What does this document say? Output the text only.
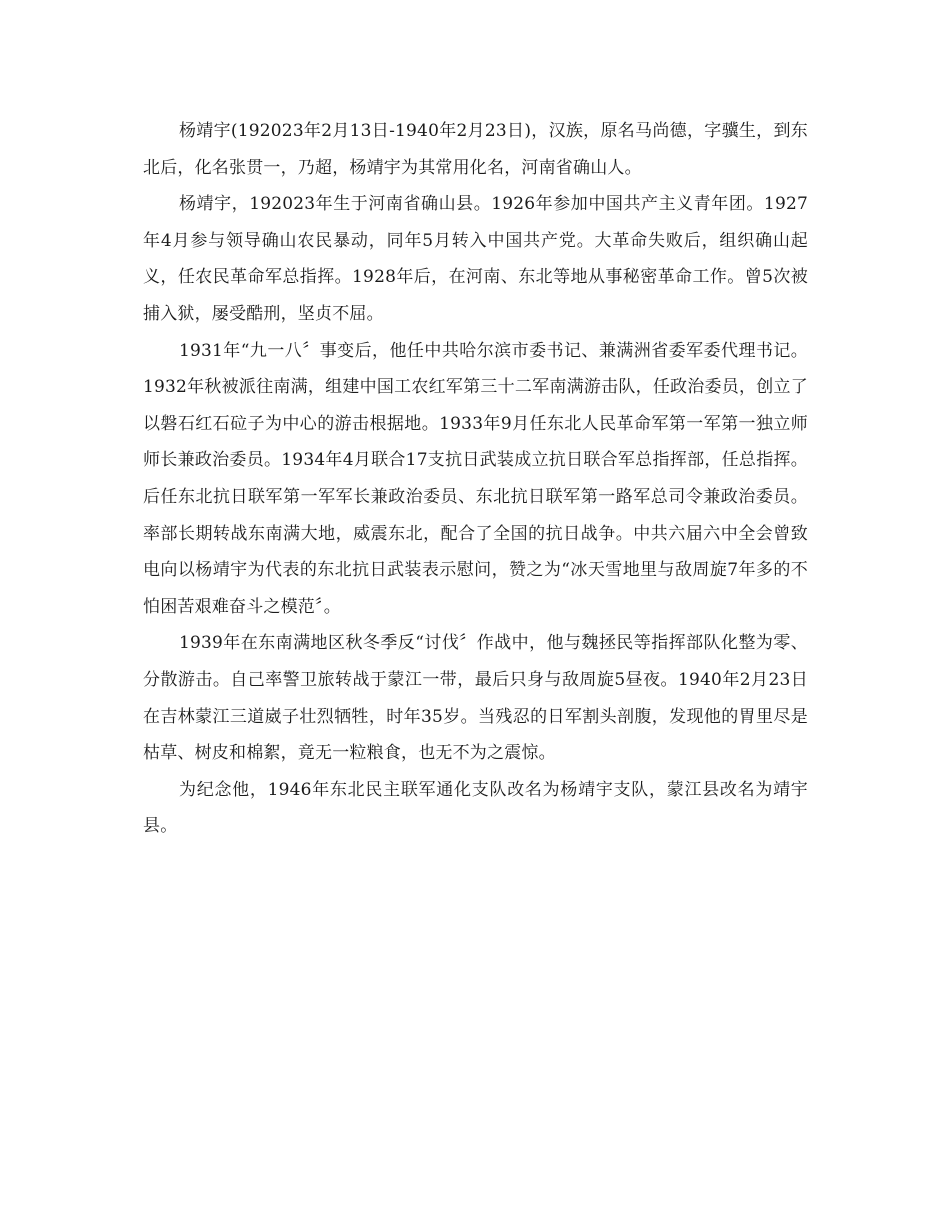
杨靖宇(192023年2月13日-1940年2月23日)，汉族，原名马尚德，字骥生，到东北后，化名张贯一，乃超，杨靖宇为其常用化名，河南省确山人。

杨靖宇，192023年生于河南省确山县。1926年参加中国共产主义青年团。1927年4月参与领导确山农民暴动，同年5月转入中国共产党。大革命失败后，组织确山起义，任农民革命军总指挥。1928年后，在河南、东北等地从事秘密革命工作。曾5次被捕入狱，屡受酷刑，坚贞不屈。

1931年“九一八〞事变后，他任中共哈尔滨市委书记、兼满洲省委军委代理书记。1932年秋被派往南满，组建中国工农红军第三十二军南满游击队，任政治委员，创立了以磐石红石砬子为中心的游击根据地。1933年9月任东北人民革命军第一军第一独立师师长兼政治委员。1934年4月联合17支抗日武装成立抗日联合军总指挥部，任总指挥。后任东北抗日联军第一军军长兼政治委员、东北抗日联军第一路军总司令兼政治委员。率部长期转战东南满大地，威震东北，配合了全国的抗日战争。中共六届六中全会曾致电向以杨靖宇为代表的东北抗日武装表示慰问，赞之为“冰天雪地里与敌周旋7年多的不怕困苦艰难奋斗之模范〞。

1939年在东南满地区秋冬季反“讨伐〞作战中，他与魏拯民等指挥部队化整为零、分散游击。自己率警卫旅转战于蒙江一带，最后只身与敌周旋5昼夜。1940年2月23日在吉林蒙江三道崴子壮烈牺牲，时年35岁。当残忍的日军割头剖腹，发现他的胃里尽是枯草、树皮和棉絮，竟无一粒粮食，也无不为之震惊。

为纪念他，1946年东北民主联军通化支队改名为杨靖宇支队，蒙江县改名为靖宇县。
